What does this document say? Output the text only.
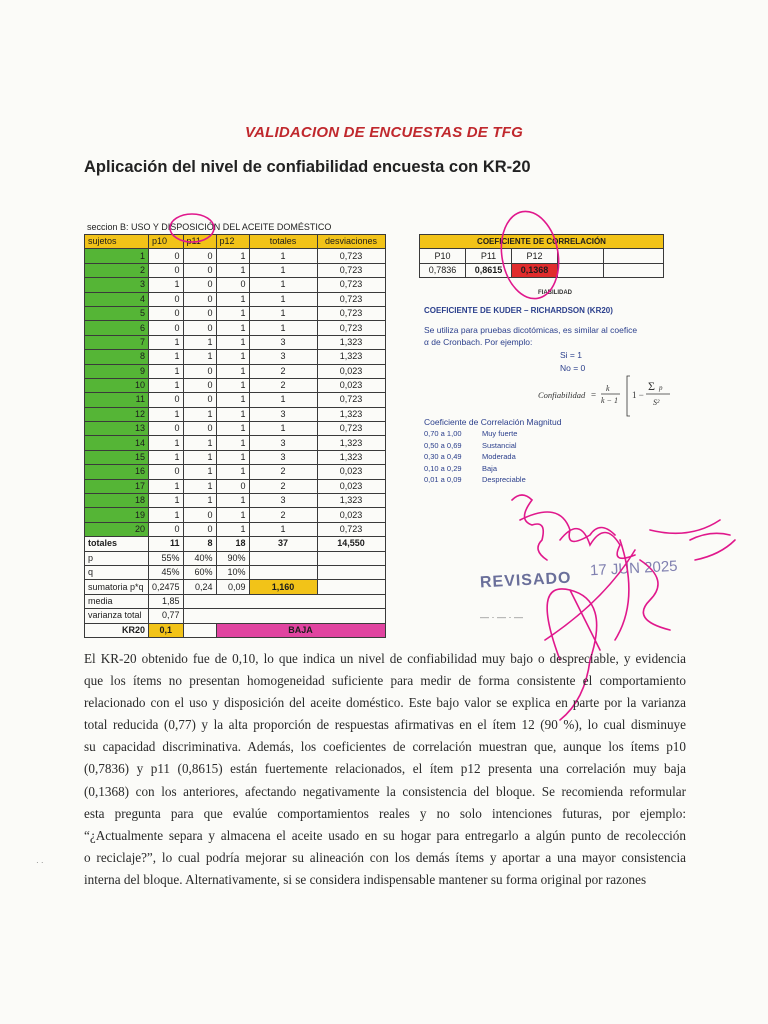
VALIDACION DE ENCUESTAS DE TFG
Aplicación del nivel de confiabilidad encuesta con KR-20
seccion B: USO Y DISPOSICIÓN DEL ACEITE DOMÉSTICO
sujetos	p10	p11	p12	totales	desviaciones
1	0	0	1	1	0,723
2	0	0	1	1	0,723
3	1	0	0	1	0,723
4	0	0	1	1	0,723
5	0	0	1	1	0,723
6	0	0	1	1	0,723
7	1	1	1	3	1,323
8	1	1	1	3	1,323
9	1	0	1	2	0,023
10	1	0	1	2	0,023
11	0	0	1	1	0,723
12	1	1	1	3	1,323
13	0	0	1	1	0,723
14	1	1	1	3	1,323
15	1	1	1	3	1,323
16	0	1	1	2	0,023
17	1	1	0	2	0,023
18	1	1	1	3	1,323
19	1	0	1	2	0,023
20	0	0	1	1	0,723
totales	11	8	18	37	14,550
p	55%	40%	90%		
q	45%	60%	10%		
sumatoria p*q	0,2475	0,24	0,09	1,160	
media	1,85				
varianza total	0,77				
KR20	0,1		BAJA		
COEFICIENTE DE CORRELACIÓN				
P10	P11	P12		
0,7836	0,8615	0,1368		
FIABILIDAD
COEFICIENTE DE KUDER – RICHARDSON (KR20)
Se utiliza para pruebas dicotómicas, es similar al coefice
α de Cronbach. Por ejemplo:
Si = 1
No = 0
Confiabilidad =
k
k − 1
1 −
Σ p
S²
Coeficiente de Correlación Magnitud
0,70 a 1,00	Muy fuerte
0,50 a 0,69	Sustancial
0,30 a 0,49	Moderada
0,10 a 0,29	Baja
0,01 a 0,09	Despreciable
REVISADO
17 JUN 2025
— · — · —
El KR-20 obtenido fue de 0,10, lo que indica un nivel de confiabilidad muy bajo o despreciable, y evidencia
que los ítems no presentan homogeneidad suficiente para medir de forma consistente el comportamiento
relacionado con el uso y disposición del aceite doméstico. Este bajo valor se explica en parte por la varianza
total reducida (0,77) y la alta proporción de respuestas afirmativas en el ítem 12 (90 %), lo cual disminuye
su capacidad discriminativa. Además, los coeficientes de correlación muestran que, aunque los ítems p10
(0,7836) y p11 (0,8615) están fuertemente relacionados, el ítem p12 presenta una correlación muy baja
(0,1368) con los anteriores, afectando negativamente la consistencia del bloque. Se recomienda reformular
esta pregunta para que evalúe comportamientos reales y no solo intenciones futuras, por ejemplo:
“¿Actualmente separa y almacena el aceite usado en su hogar para entregarlo a algún punto de recolección
o reciclaje?”, lo cual podría mejorar su alineación con los demás ítems y aportar a una mayor consistencia
interna del bloque. Alternativamente, si se considera indispensable mantener su forma original por razones
· ·
